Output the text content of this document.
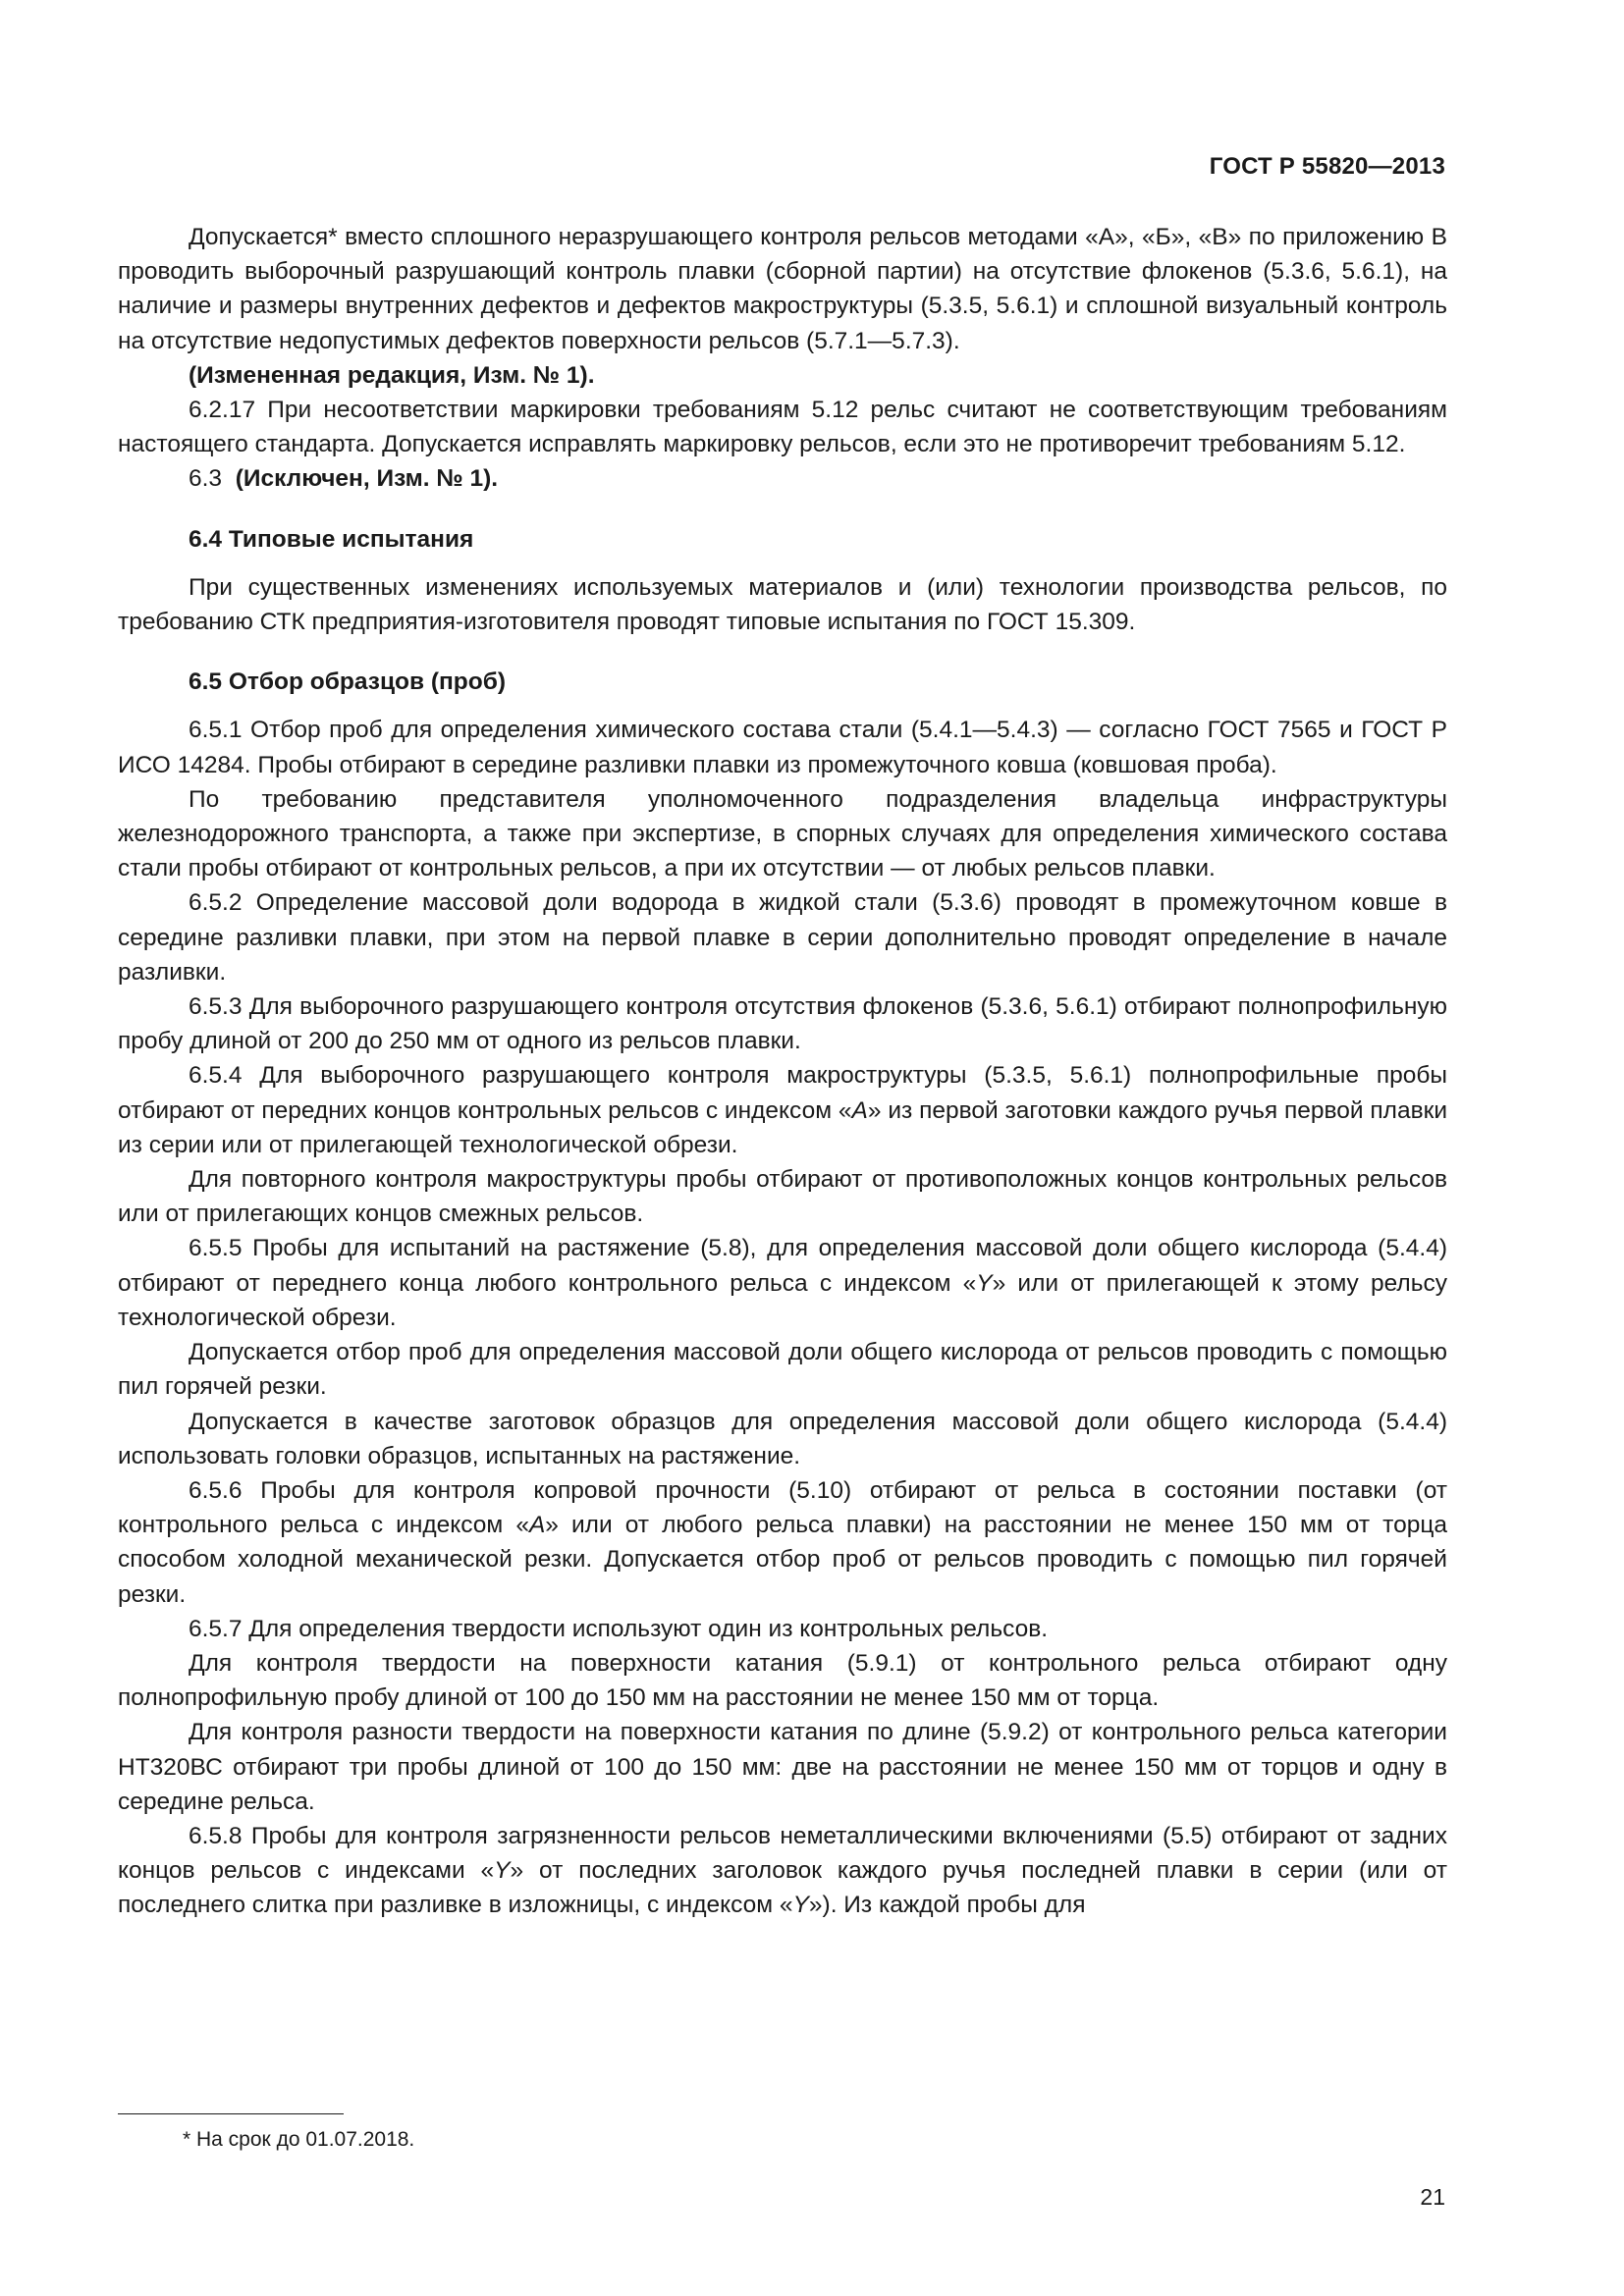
ГОСТ Р 55820—2013

Допускается* вместо сплошного неразрушающего контроля рельсов методами «А», «Б», «В» по приложению В проводить выборочный разрушающий контроль плавки (сборной партии) на отсутствие флокенов (5.3.6, 5.6.1), на наличие и размеры внутренних дефектов и дефектов макроструктуры (5.3.5, 5.6.1) и сплошной визуальный контроль на отсутствие недопустимых дефектов поверхности рельсов (5.7.1—5.7.3).

(Измененная редакция, Изм. № 1).

6.2.17 При несоответствии маркировки требованиям 5.12 рельс считают не соответствующим требованиям настоящего стандарта. Допускается исправлять маркировку рельсов, если это не противоречит требованиям 5.12.

6.3 (Исключен, Изм. № 1).

6.4 Типовые испытания

При существенных изменениях используемых материалов и (или) технологии производства рельсов, по требованию СТК предприятия-изготовителя проводят типовые испытания по ГОСТ 15.309.

6.5 Отбор образцов (проб)

6.5.1 Отбор проб для определения химического состава стали (5.4.1—5.4.3) — согласно ГОСТ 7565 и ГОСТ Р ИСО 14284. Пробы отбирают в середине разливки плавки из промежуточного ковша (ковшовая проба).

По требованию представителя уполномоченного подразделения владельца инфраструктуры железнодорожного транспорта, а также при экспертизе, в спорных случаях для определения химического состава стали пробы отбирают от контрольных рельсов, а при их отсутствии — от любых рельсов плавки.

6.5.2 Определение массовой доли водорода в жидкой стали (5.3.6) проводят в промежуточном ковше в середине разливки плавки, при этом на первой плавке в серии дополнительно проводят определение в начале разливки.

6.5.3 Для выборочного разрушающего контроля отсутствия флокенов (5.3.6, 5.6.1) отбирают полнопрофильную пробу длиной от 200 до 250 мм от одного из рельсов плавки.

6.5.4 Для выборочного разрушающего контроля макроструктуры (5.3.5, 5.6.1) полнопрофильные пробы отбирают от передних концов контрольных рельсов с индексом «А» из первой заготовки каждого ручья первой плавки из серии или от прилегающей технологической обрези.

Для повторного контроля макроструктуры пробы отбирают от противоположных концов контрольных рельсов или от прилегающих концов смежных рельсов.

6.5.5 Пробы для испытаний на растяжение (5.8), для определения массовой доли общего кислорода (5.4.4) отбирают от переднего конца любого контрольного рельса с индексом «Y» или от прилегающей к этому рельсу технологической обрези.

Допускается отбор проб для определения массовой доли общего кислорода от рельсов проводить с помощью пил горячей резки.

Допускается в качестве заготовок образцов для определения массовой доли общего кислорода (5.4.4) использовать головки образцов, испытанных на растяжение.

6.5.6 Пробы для контроля копровой прочности (5.10) отбирают от рельса в состоянии поставки (от контрольного рельса с индексом «А» или от любого рельса плавки) на расстоянии не менее 150 мм от торца способом холодной механической резки. Допускается отбор проб от рельсов проводить с помощью пил горячей резки.

6.5.7 Для определения твердости используют один из контрольных рельсов.

Для контроля твердости на поверхности катания (5.9.1) от контрольного рельса отбирают одну полнопрофильную пробу длиной от 100 до 150 мм на расстоянии не менее 150 мм от торца.

Для контроля разности твердости на поверхности катания по длине (5.9.2) от контрольного рельса категории НТ320ВС отбирают три пробы длиной от 100 до 150 мм: две на расстоянии не менее 150 мм от торцов и одну в середине рельса.

6.5.8 Пробы для контроля загрязненности рельсов неметаллическими включениями (5.5) отбирают от задних концов рельсов с индексами «Y» от последних заголовок каждого ручья последней плавки в серии (или от последнего слитка при разливке в изложницы, с индексом «Y»). Из каждой пробы для

* На срок до 01.07.2018.
21
